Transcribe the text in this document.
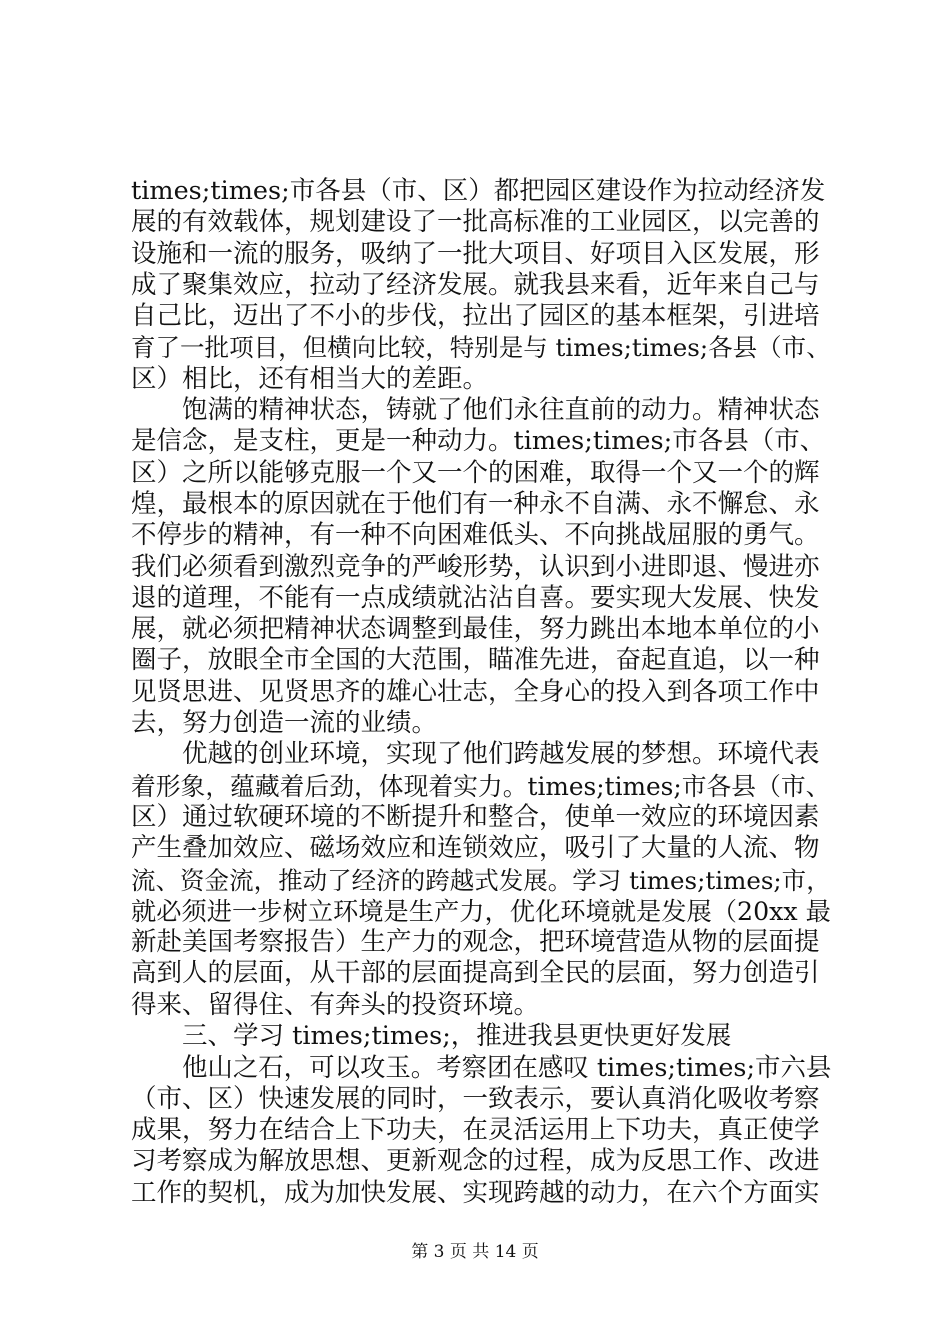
times;times;市各县（市、区）都把园区建设作为拉动经济发
展的有效载体，规划建设了一批高标准的工业园区，以完善的
设施和一流的服务，吸纳了一批大项目、好项目入区发展，形
成了聚集效应，拉动了经济发展。就我县来看，近年来自己与
自己比，迈出了不小的步伐，拉出了园区的基本框架，引进培
育了一批项目，但横向比较，特别是与 times;times;各县（市、
区）相比，还有相当大的差距。
饱满的精神状态，铸就了他们永往直前的动力。精神状态
是信念，是支柱，更是一种动力。times;times;市各县（市、
区）之所以能够克服一个又一个的困难，取得一个又一个的辉
煌，最根本的原因就在于他们有一种永不自满、永不懈怠、永
不停步的精神，有一种不向困难低头、不向挑战屈服的勇气。
我们必须看到激烈竞争的严峻形势，认识到小进即退、慢进亦
退的道理，不能有一点成绩就沾沾自喜。要实现大发展、快发
展，就必须把精神状态调整到最佳，努力跳出本地本单位的小
圈子，放眼全市全国的大范围，瞄准先进，奋起直追，以一种
见贤思进、见贤思齐的雄心壮志，全身心的投入到各项工作中
去，努力创造一流的业绩。
优越的创业环境，实现了他们跨越发展的梦想。环境代表
着形象，蕴藏着后劲，体现着实力。times;times;市各县（市、
区）通过软硬环境的不断提升和整合，使单一效应的环境因素
产生叠加效应、磁场效应和连锁效应，吸引了大量的人流、物
流、资金流，推动了经济的跨越式发展。学习 times;times;市，
就必须进一步树立环境是生产力，优化环境就是发展（20xx 最
新赴美国考察报告）生产力的观念，把环境营造从物的层面提
高到人的层面，从干部的层面提高到全民的层面，努力创造引
得来、留得住、有奔头的投资环境。
三、学习 times;times;，推进我县更快更好发展
他山之石，可以攻玉。考察团在感叹 times;times;市六县
（市、区）快速发展的同时，一致表示，要认真消化吸收考察
成果，努力在结合上下功夫，在灵活运用上下功夫，真正使学
习考察成为解放思想、更新观念的过程，成为反思工作、改进
工作的契机，成为加快发展、实现跨越的动力，在六个方面实
第 3 页 共 14 页
